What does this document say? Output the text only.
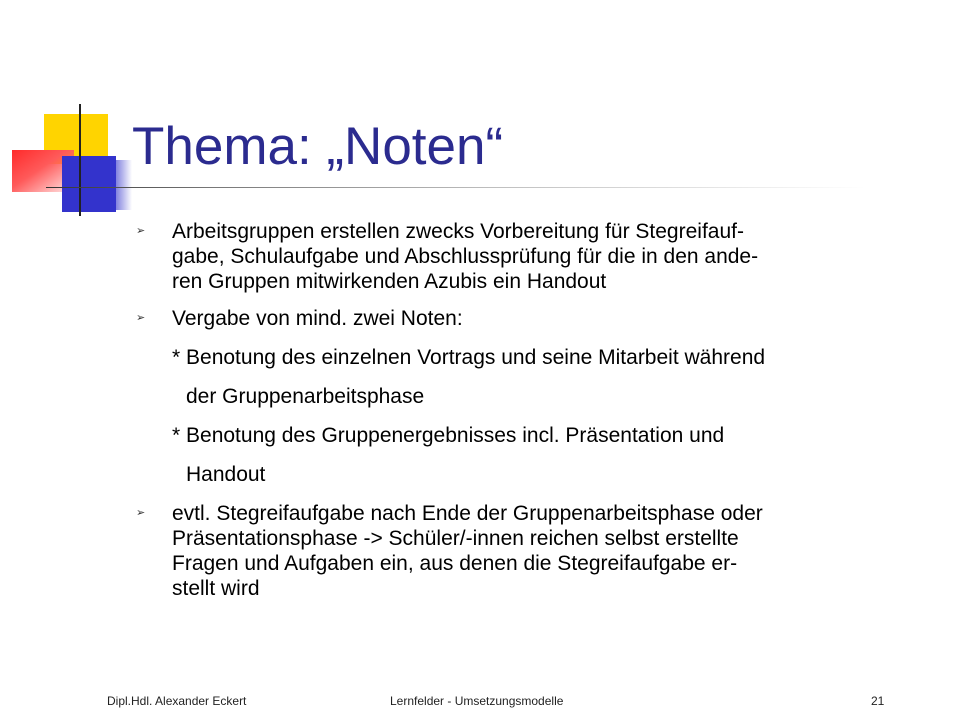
Thema: „Noten“
➢ Arbeitsgruppen erstellen zwecks Vorbereitung für Stegreifauf-
gabe, Schulaufgabe und Abschlussprüfung für die in den ande-
ren Gruppen mitwirkenden Azubis ein Handout
➢ Vergabe von mind. zwei Noten:

* Benotung des einzelnen Vortrags und seine Mitarbeit während

der Gruppenarbeitsphase

* Benotung des Gruppenergebnisses incl. Präsentation und

Handout

➢ evtl. Stegreifaufgabe nach Ende der Gruppenarbeitsphase oder
Präsentationsphase -> Schüler/-innen reichen selbst erstellte
Fragen und Aufgaben ein, aus denen die Stegreifaufgabe er-
stellt wird
Dipl.Hdl. Alexander Eckert	Lernfelder - Umsetzungsmodelle	21
